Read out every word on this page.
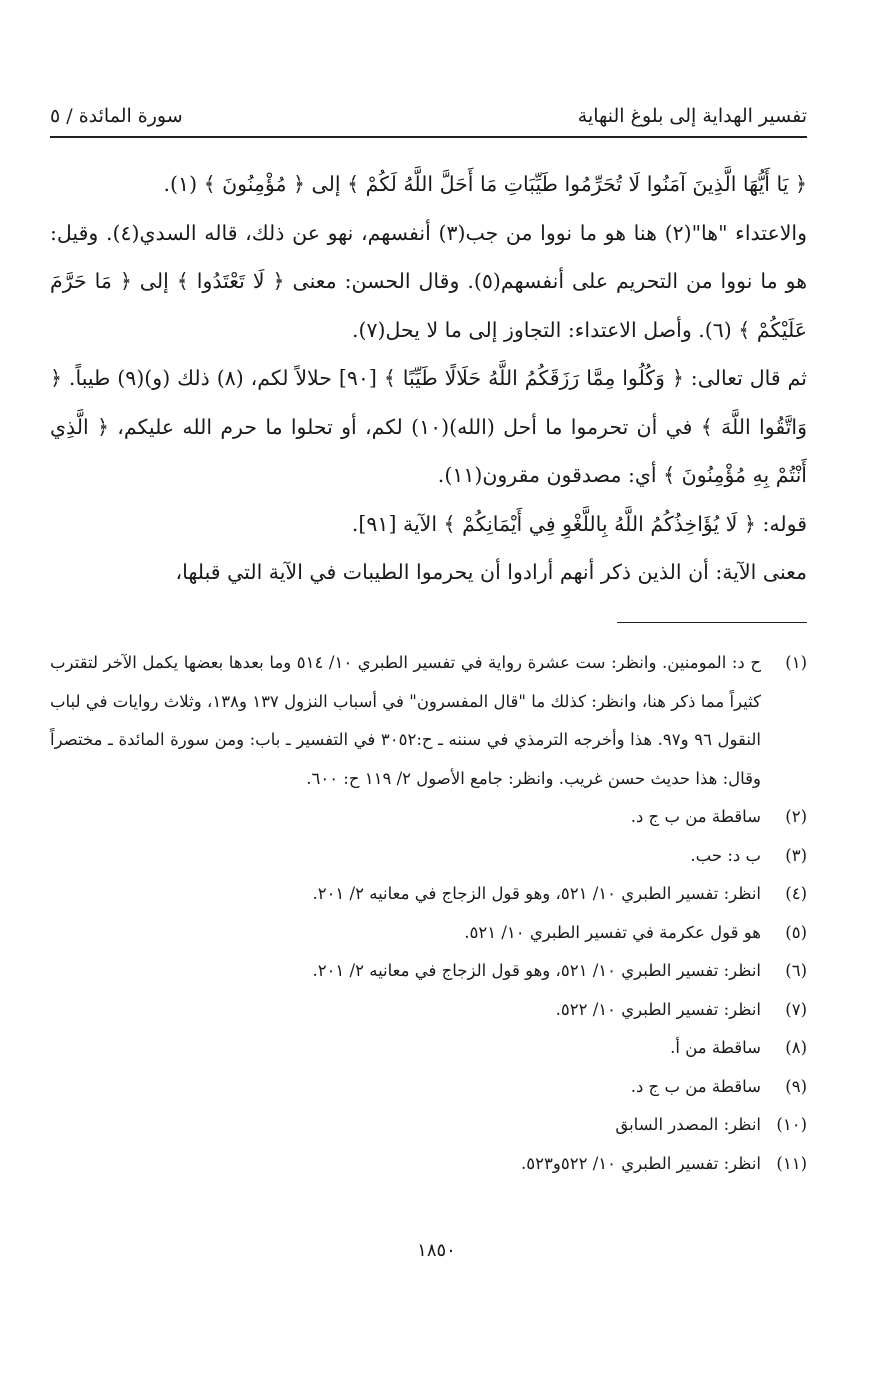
تفسير الهداية إلى بلوغ النهاية
سورة المائدة / ٥

﴿ يَا أَيُّهَا الَّذِينَ آمَنُوا لَا تُحَرِّمُوا طَيِّبَاتِ مَا أَحَلَّ اللَّهُ لَكُمْ ﴾ إلى ﴿ مُؤْمِنُونَ ﴾ (١).

والاعتداء "ها"(٢) هنا هو ما نووا من جب(٣) أنفسهم، نهو عن ذلك، قاله السدي(٤). وقيل: هو ما نووا من التحريم على أنفسهم(٥). وقال الحسن: معنى ﴿ لَا تَعْتَدُوا ﴾ إلى ﴿ مَا حَرَّمَ عَلَيْكُمْ ﴾ (٦). وأصل الاعتداء: التجاوز إلى ما لا يحل(٧).

ثم قال تعالى: ﴿ وَكُلُوا مِمَّا رَزَقَكُمُ اللَّهُ حَلَالًا طَيِّبًا ﴾ [٩٠] حلالاً لكم، (٨) ذلك (و)(٩) طيباً. ﴿ وَاتَّقُوا اللَّهَ ﴾ في أن تحرموا ما أحل (الله)(١٠) لكم، أو تحلوا ما حرم الله عليكم، ﴿ الَّذِي أَنْتُمْ بِهِ مُؤْمِنُونَ ﴾ أي: مصدقون مقرون(١١).

قوله: ﴿ لَا يُؤَاخِذُكُمُ اللَّهُ بِاللَّغْوِ فِي أَيْمَانِكُمْ ﴾ الآية [٩١].

معنى الآية: أن الذين ذكر أنهم أرادوا أن يحرموا الطيبات في الآية التي قبلها،

(١)
ح د: المومنين. وانظر: ست عشرة رواية في تفسير الطبري ١٠/ ٥١٤ وما بعدها بعضها يكمل الآخر لتقترب كثيراً مما ذكر هنا، وانظر: كذلك ما "قال المفسرون" في أسباب النزول ١٣٧ و١٣٨، وثلاث روايات في لباب النقول ٩٦ و٩٧. هذا وأخرجه الترمذي في سننه ـ ح:٣٠٥٢ في التفسير ـ باب: ومن سورة المائدة ـ مختصراً وقال: هذا حديث حسن غريب. وانظر: جامع الأصول ٢/ ١١٩ ح: ٦٠٠.
(٢)
ساقطة من ب ج د.
(٣)
ب د: حب.
(٤)
انظر: تفسير الطبري ١٠/ ٥٢١، وهو قول الزجاج في معانيه ٢/ ٢٠١.
(٥)
هو قول عكرمة في تفسير الطبري ١٠/ ٥٢١.
(٦)
انظر: تفسير الطبري ١٠/ ٥٢١، وهو قول الزجاج في معانيه ٢/ ٢٠١.
(٧)
انظر: تفسير الطبري ١٠/ ٥٢٢.
(٨)
ساقطة من أ.
(٩)
ساقطة من ب ج د.
(١٠)
انظر: المصدر السابق
(١١)
انظر: تفسير الطبري ١٠/ ٥٢٢و٥٢٣.
١٨٥٠
